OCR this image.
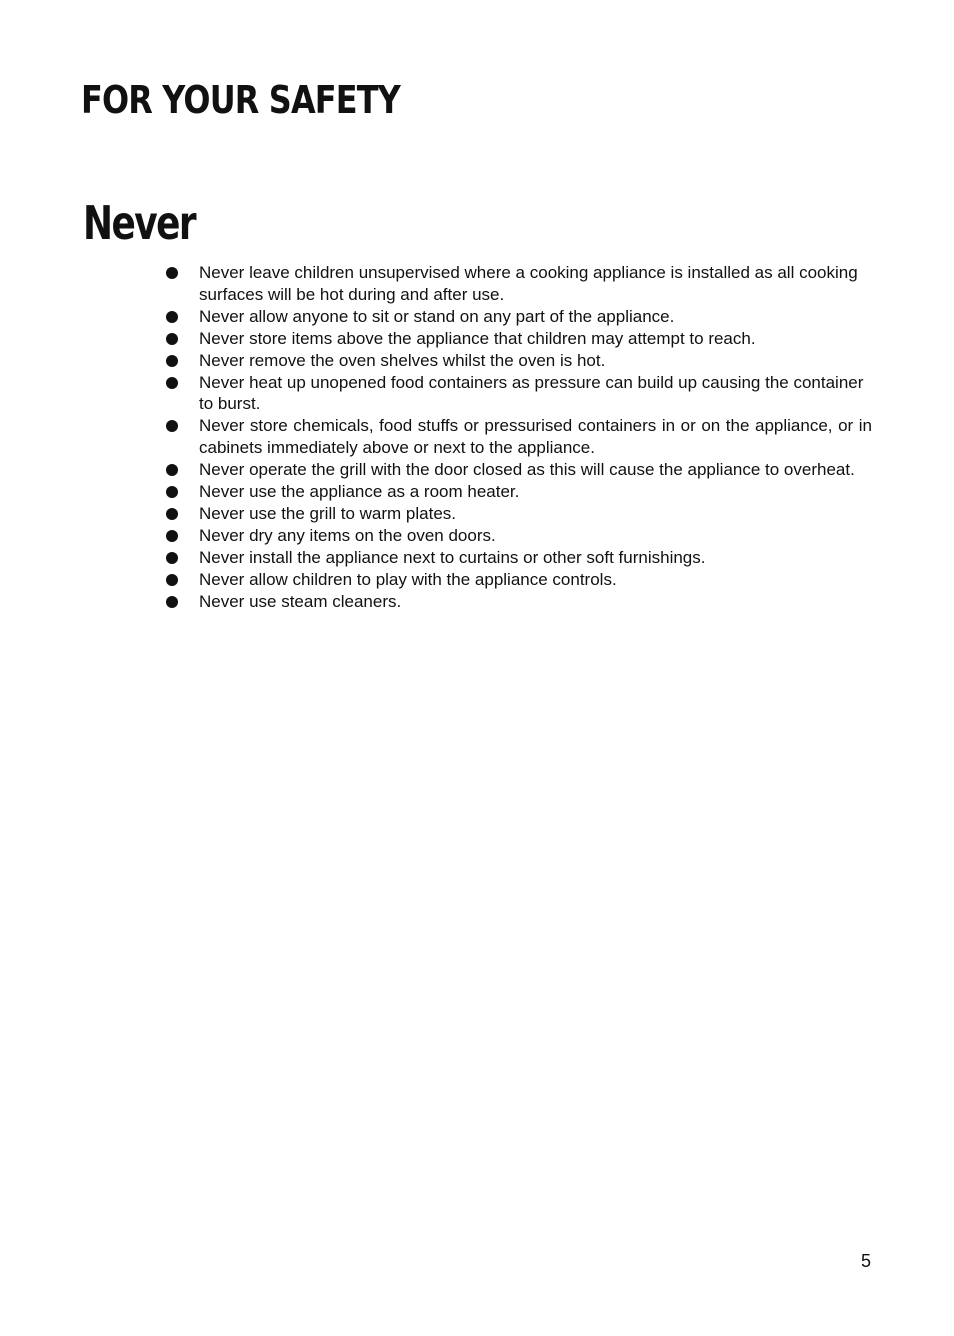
FOR YOUR SAFETY
Never
Never leave children unsupervised where a cooking appliance is installed as all cooking surfaces will be hot during and after use.
Never allow anyone to sit or stand on any part of the appliance.
Never store items above the appliance that children may attempt to reach.
Never remove the oven shelves whilst the oven is hot.
Never heat up unopened food containers as pressure can build up causing the container to burst.
Never store chemicals, food stuffs or pressurised containers in or on the appliance, or in cabinets immediately above or next to the appliance.
Never operate the grill with the door closed as this will cause the appliance to overheat.
Never use the appliance as a room heater.
Never use the grill to warm plates.
Never dry any items on the oven doors.
Never install the appliance next to curtains or other soft furnishings.
Never allow children to play with the appliance controls.
Never use steam cleaners.
5
